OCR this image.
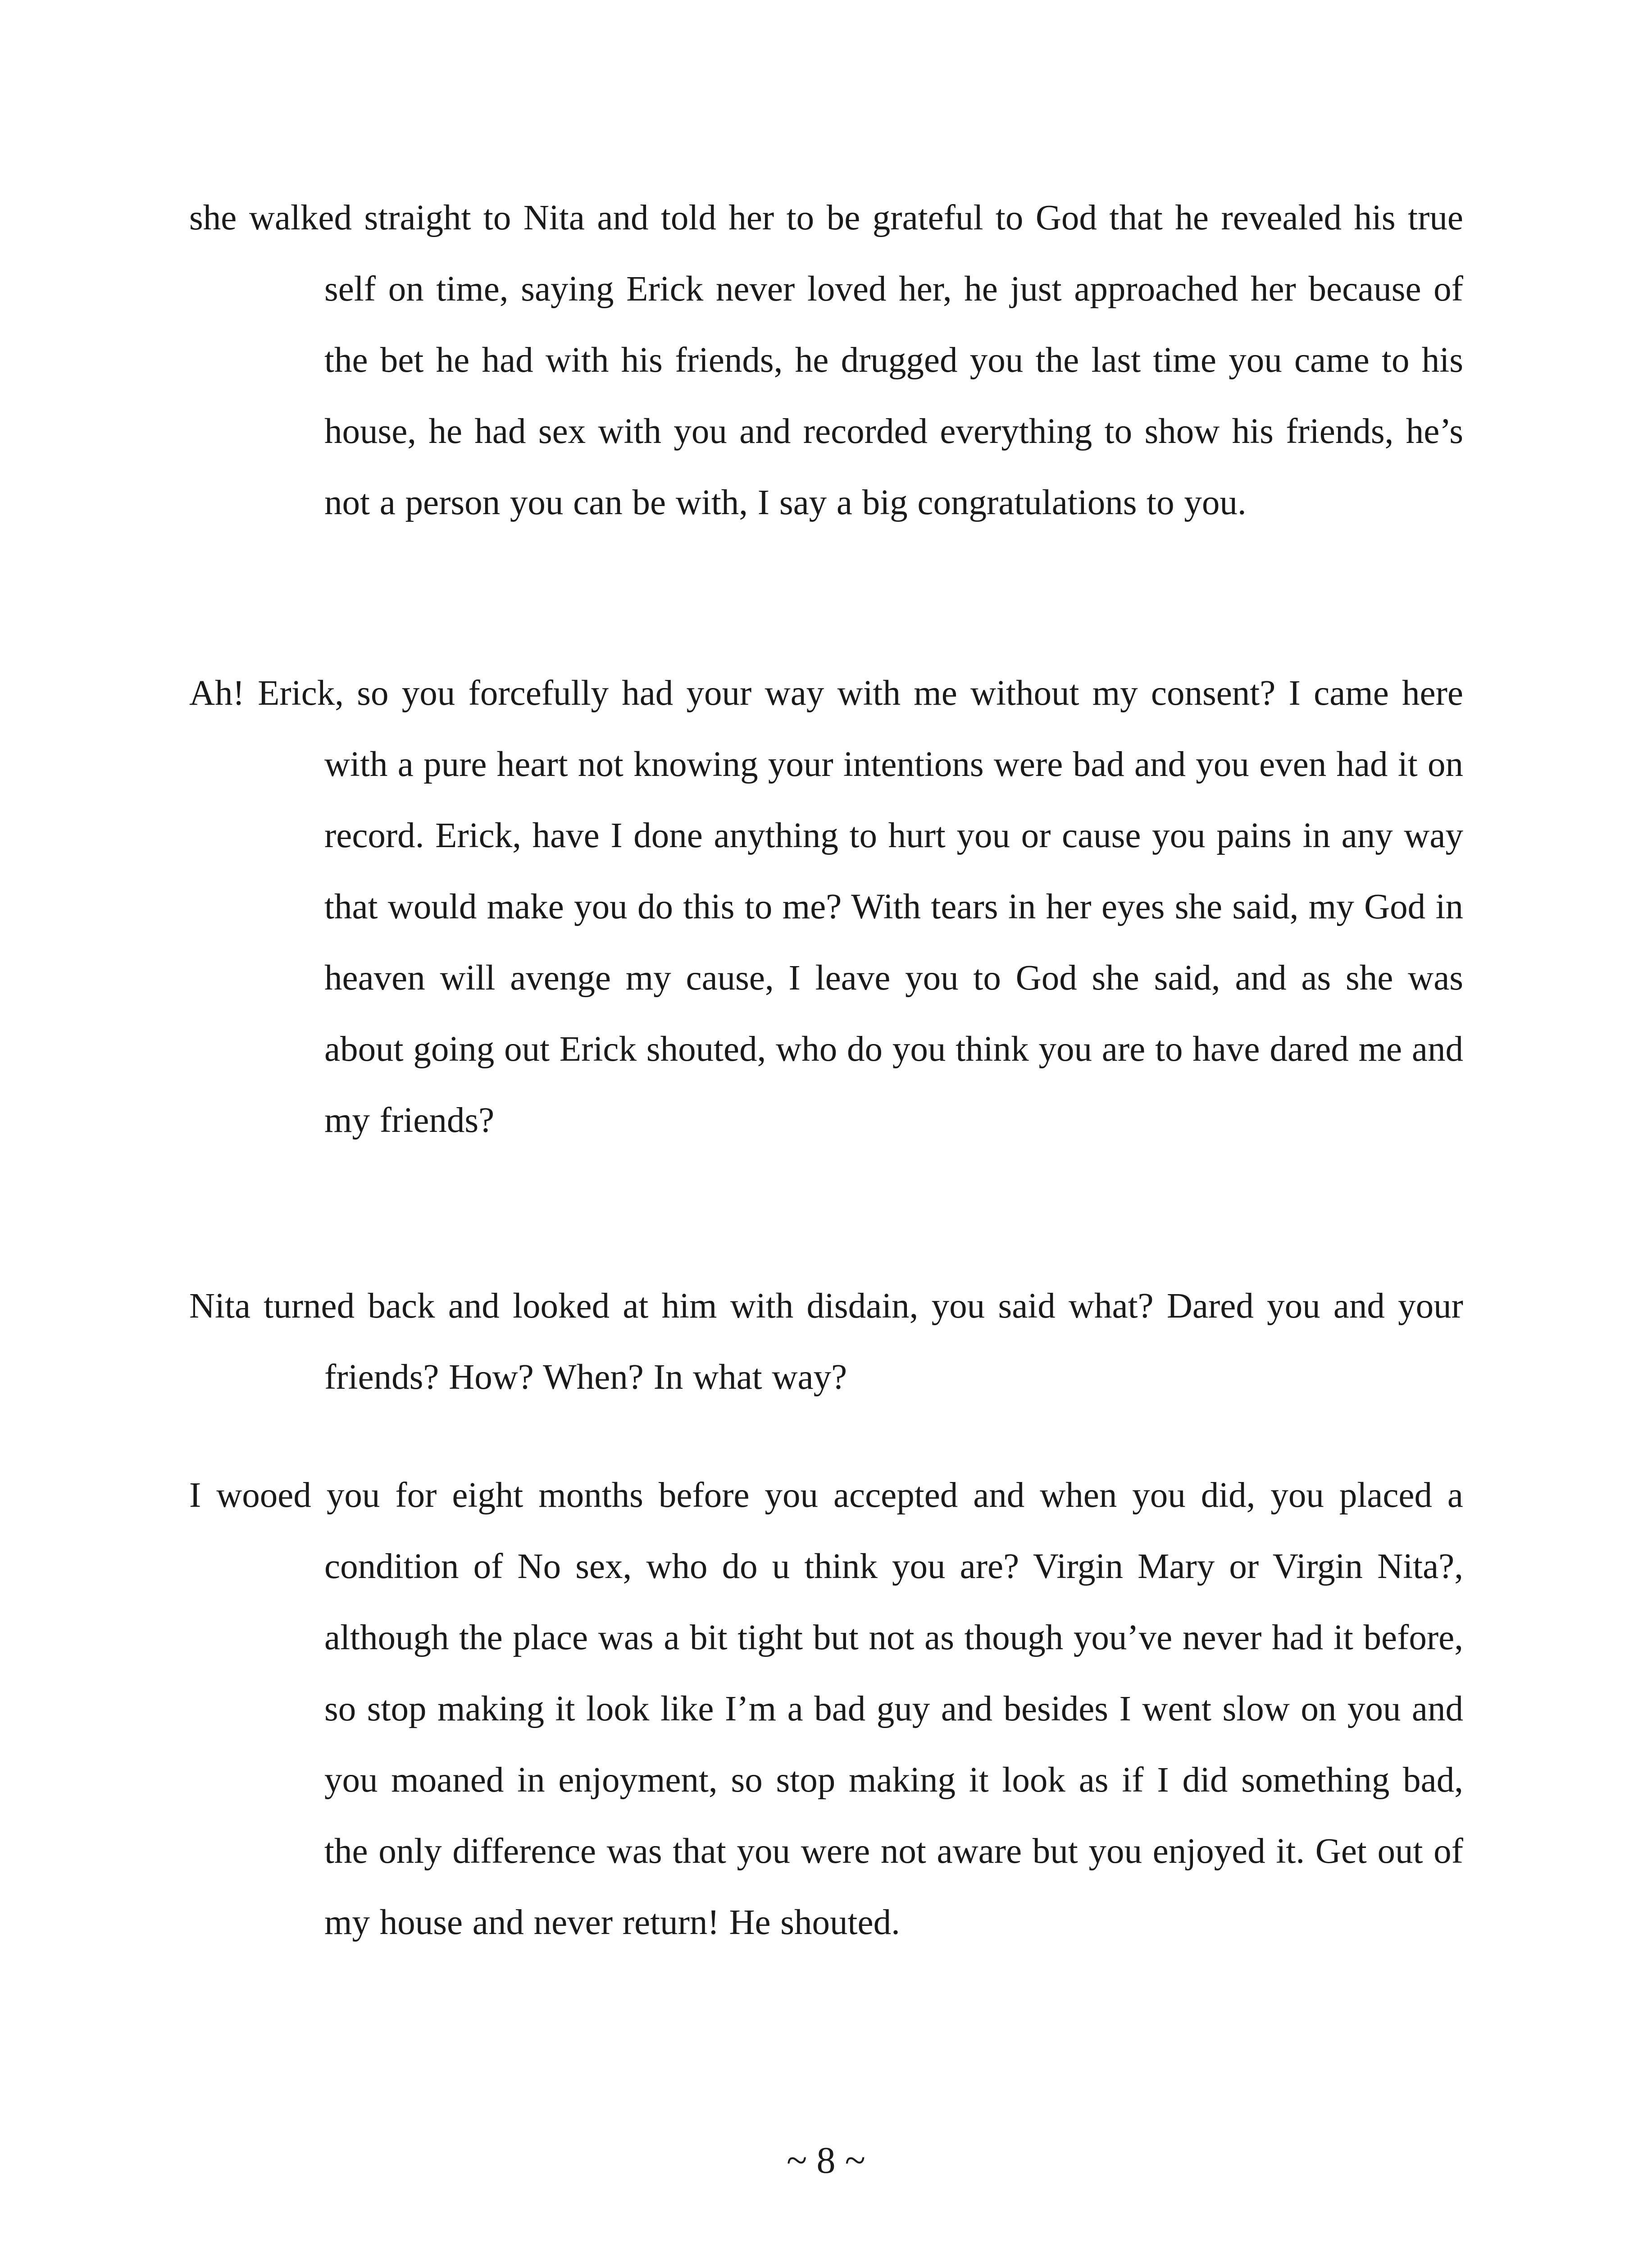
she walked straight to Nita and told her to be grateful to God that he revealed his true self on time, saying Erick never loved her, he just approached her because of the bet he had with his friends, he drugged you the last time you came to his house, he had sex with you and recorded everything to show his friends, he’s not a person you can be with, I say a big congratulations to you.

Ah! Erick, so you forcefully had your way with me without my consent? I came here with a pure heart not knowing your intentions were bad and you even had it on record. Erick, have I done anything to hurt you or cause you pains in any way that would make you do this to me? With tears in her eyes she said, my God in heaven will avenge my cause, I leave you to God she said, and as she was about going out Erick shouted, who do you think you are to have dared me and my friends?

Nita turned back and looked at him with disdain, you said what? Dared you and your friends? How? When? In what way?

I wooed you for eight months before you accepted and when you did, you placed a condition of No sex, who do u think you are? Virgin Mary or Virgin Nita?, although the place was a bit tight but not as though you’ve never had it before, so stop making it look like I’m a bad guy and besides I went slow on you and you moaned in enjoyment, so stop making it look as if I did something bad, the only difference was that you were not aware but you enjoyed it. Get out of my house and never return! He shouted.

~ 8 ~
